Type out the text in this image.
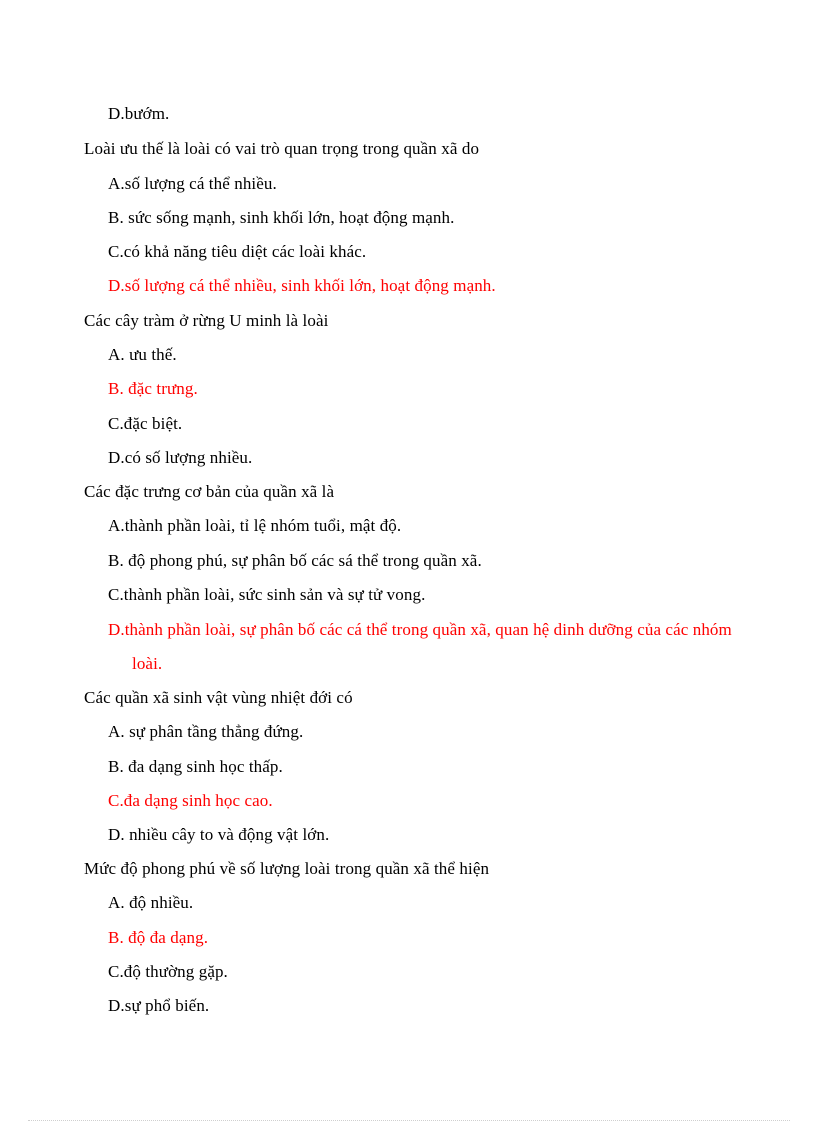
D.bướm.
Loài ưu thế là loài có vai trò quan trọng trong quần xã do
A.số lượng cá thể nhiều.
B. sức sống mạnh, sinh khối lớn, hoạt động mạnh.
C.có khả năng tiêu diệt các loài khác.
D.số lượng cá thể nhiều, sinh khối lớn, hoạt động mạnh.
Các cây tràm ở rừng U minh là loài
A. ưu thế.
B. đặc trưng.
C.đặc biệt.
D.có số lượng nhiều.
Các đặc trưng cơ bản của quần xã là
A.thành phần loài, tỉ lệ nhóm tuổi, mật độ.
B. độ phong phú, sự phân bố các sá thể trong quần xã.
C.thành phần loài, sức sinh sản và sự tử vong.
D.thành phần loài, sự phân bố các cá thể trong quần xã, quan hệ dinh dưỡng của các nhóm
loài.
Các quần xã sinh vật vùng nhiệt đới có
A. sự phân tầng thẳng đứng.
B. đa dạng sinh học thấp.
C.đa dạng sinh học cao.
D. nhiều cây to và động vật lớn.
Mức độ phong phú về số lượng loài trong quần xã thể hiện
A. độ nhiều.
B. độ đa dạng.
C.độ thường gặp.
D.sự phổ biến.
